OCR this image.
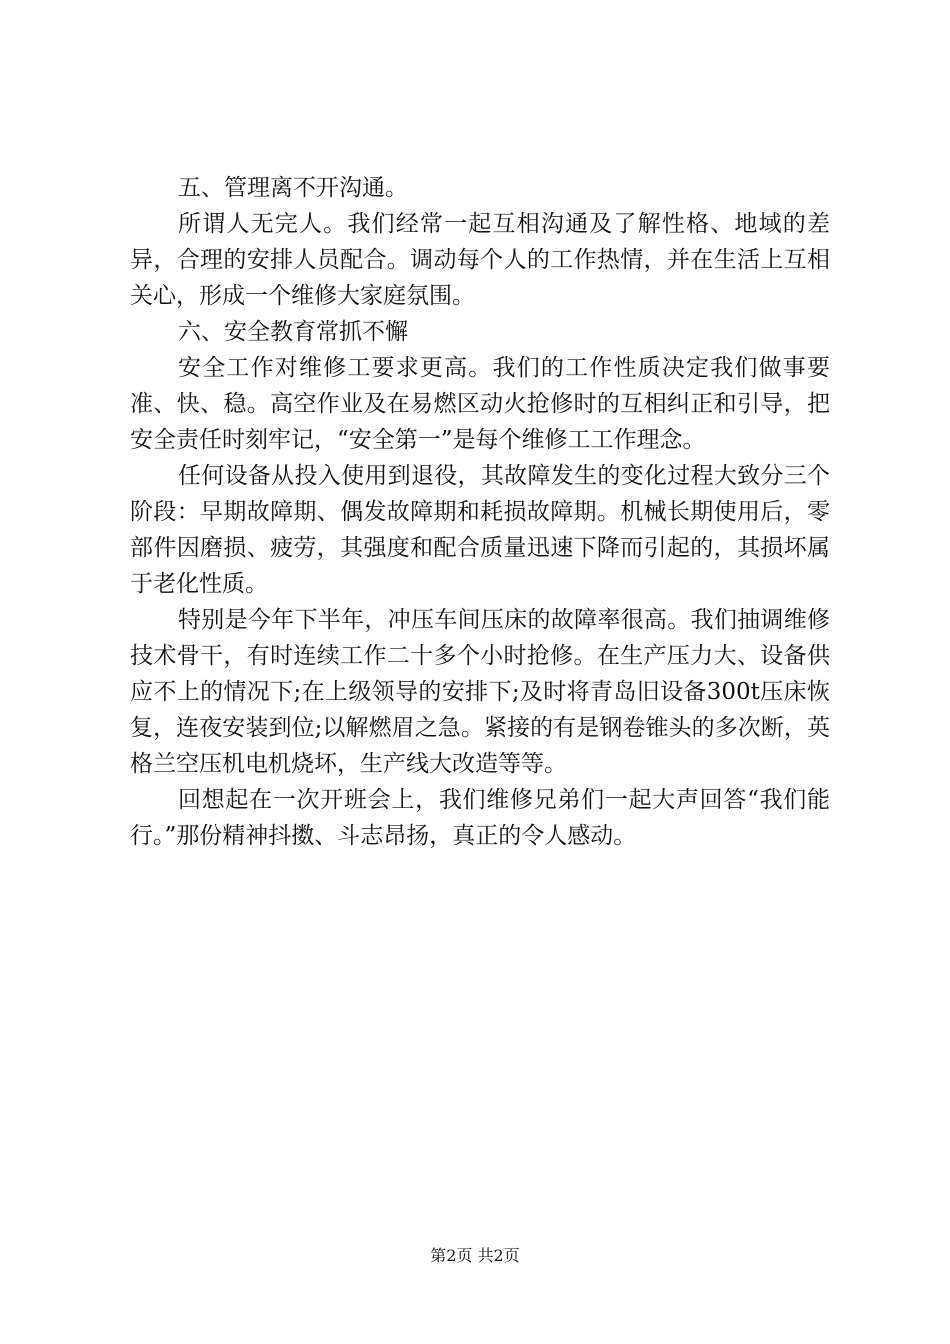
五、管理离不开沟通。

所谓人无完人。我们经常一起互相沟通及了解性格、地域的差异，合理的安排人员配合。调动每个人的工作热情，并在生活上互相关心，形成一个维修大家庭氛围。

六、安全教育常抓不懈

安全工作对维修工要求更高。我们的工作性质决定我们做事要准、快、稳。高空作业及在易燃区动火抢修时的互相纠正和引导，把安全责任时刻牢记，“安全第一”是每个维修工工作理念。

任何设备从投入使用到退役，其故障发生的变化过程大致分三个阶段：早期故障期、偶发故障期和耗损故障期。机械长期使用后，零部件因磨损、疲劳，其强度和配合质量迅速下降而引起的，其损坏属于老化性质。

特别是今年下半年，冲压车间压床的故障率很高。我们抽调维修技术骨干，有时连续工作二十多个小时抢修。在生产压力大、设备供应不上的情况下;在上级领导的安排下;及时将青岛旧设备300t压床恢复，连夜安装到位;以解燃眉之急。紧接的有是钢卷锥头的多次断，英格兰空压机电机烧坏，生产线大改造等等。

回想起在一次开班会上，我们维修兄弟们一起大声回答“我们能行。”那份精神抖擞、斗志昂扬，真正的令人感动。

第2页 共2页
